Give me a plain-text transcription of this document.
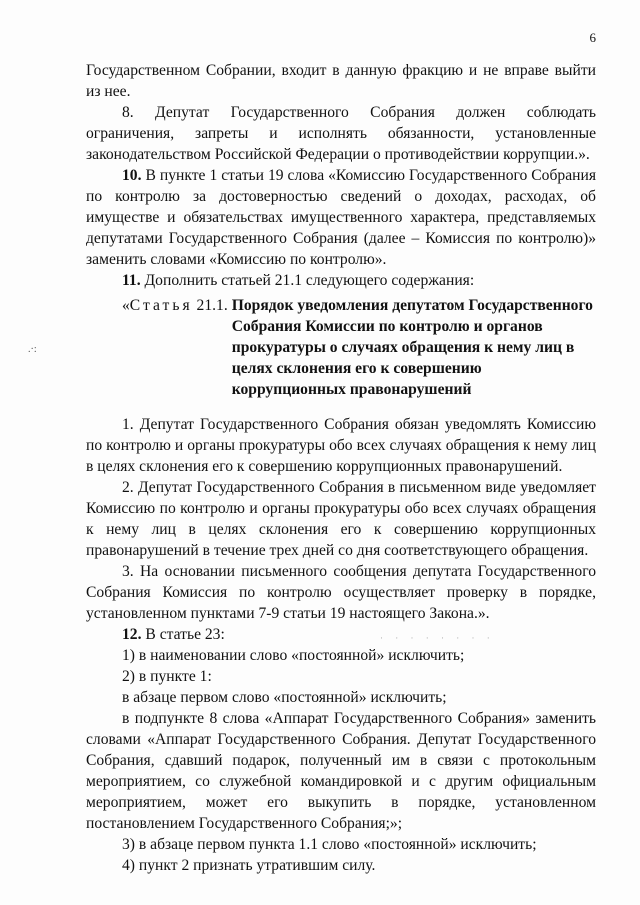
6
.·:
· · · · · · · ·

Государственном Собрании, входит в данную фракцию и не вправе выйти из нее.

8. Депутат Государственного Собрания должен соблюдать ограничения, запреты и исполнять обязанности, установленные законодательством Российской Федерации о противодействии коррупции.».

10. В пункте 1 статьи 19 слова «Комиссию Государственного Собрания по контролю за достоверностью сведений о доходах, расходах, об имуществе и обязательствах имущественного характера, представляемых депутатами Государственного Собрания (далее – Комиссия по контролю)» заменить словами «Комиссию по контролю».

11. Дополнить статьей 21.1 следующего содержания:

«Статья 21.1. Порядок уведомления депутатом Государственного Собрания Комиссии по контролю и органов прокуратуры о случаях обращения к нему лиц в целях склонения его к совершению коррупционных правонарушений

1. Депутат Государственного Собрания обязан уведомлять Комиссию по контролю и органы прокуратуры обо всех случаях обращения к нему лиц в целях склонения его к совершению коррупционных правонарушений.

2. Депутат Государственного Собрания в письменном виде уведомляет Комиссию по контролю и органы прокуратуры обо всех случаях обращения к нему лиц в целях склонения его к совершению коррупционных правонарушений в течение трех дней со дня соответствующего обращения.

3. На основании письменного сообщения депутата Государственного Собрания Комиссия по контролю осуществляет проверку в порядке, установленном пунктами 7-9 статьи 19 настоящего Закона.».

12. В статье 23:

1) в наименовании слово «постоянной» исключить;

2) в пункте 1:

в абзаце первом слово «постоянной» исключить;

в подпункте 8 слова «Аппарат Государственного Собрания» заменить словами «Аппарат Государственного Собрания. Депутат Государственного Собрания, сдавший подарок, полученный им в связи с протокольным мероприятием, со служебной командировкой и с другим официальным мероприятием, может его выкупить в порядке, установленном постановлением Государственного Собрания;»;

3) в абзаце первом пункта 1.1 слово «постоянной» исключить;

4) пункт 2 признать утратившим силу.
